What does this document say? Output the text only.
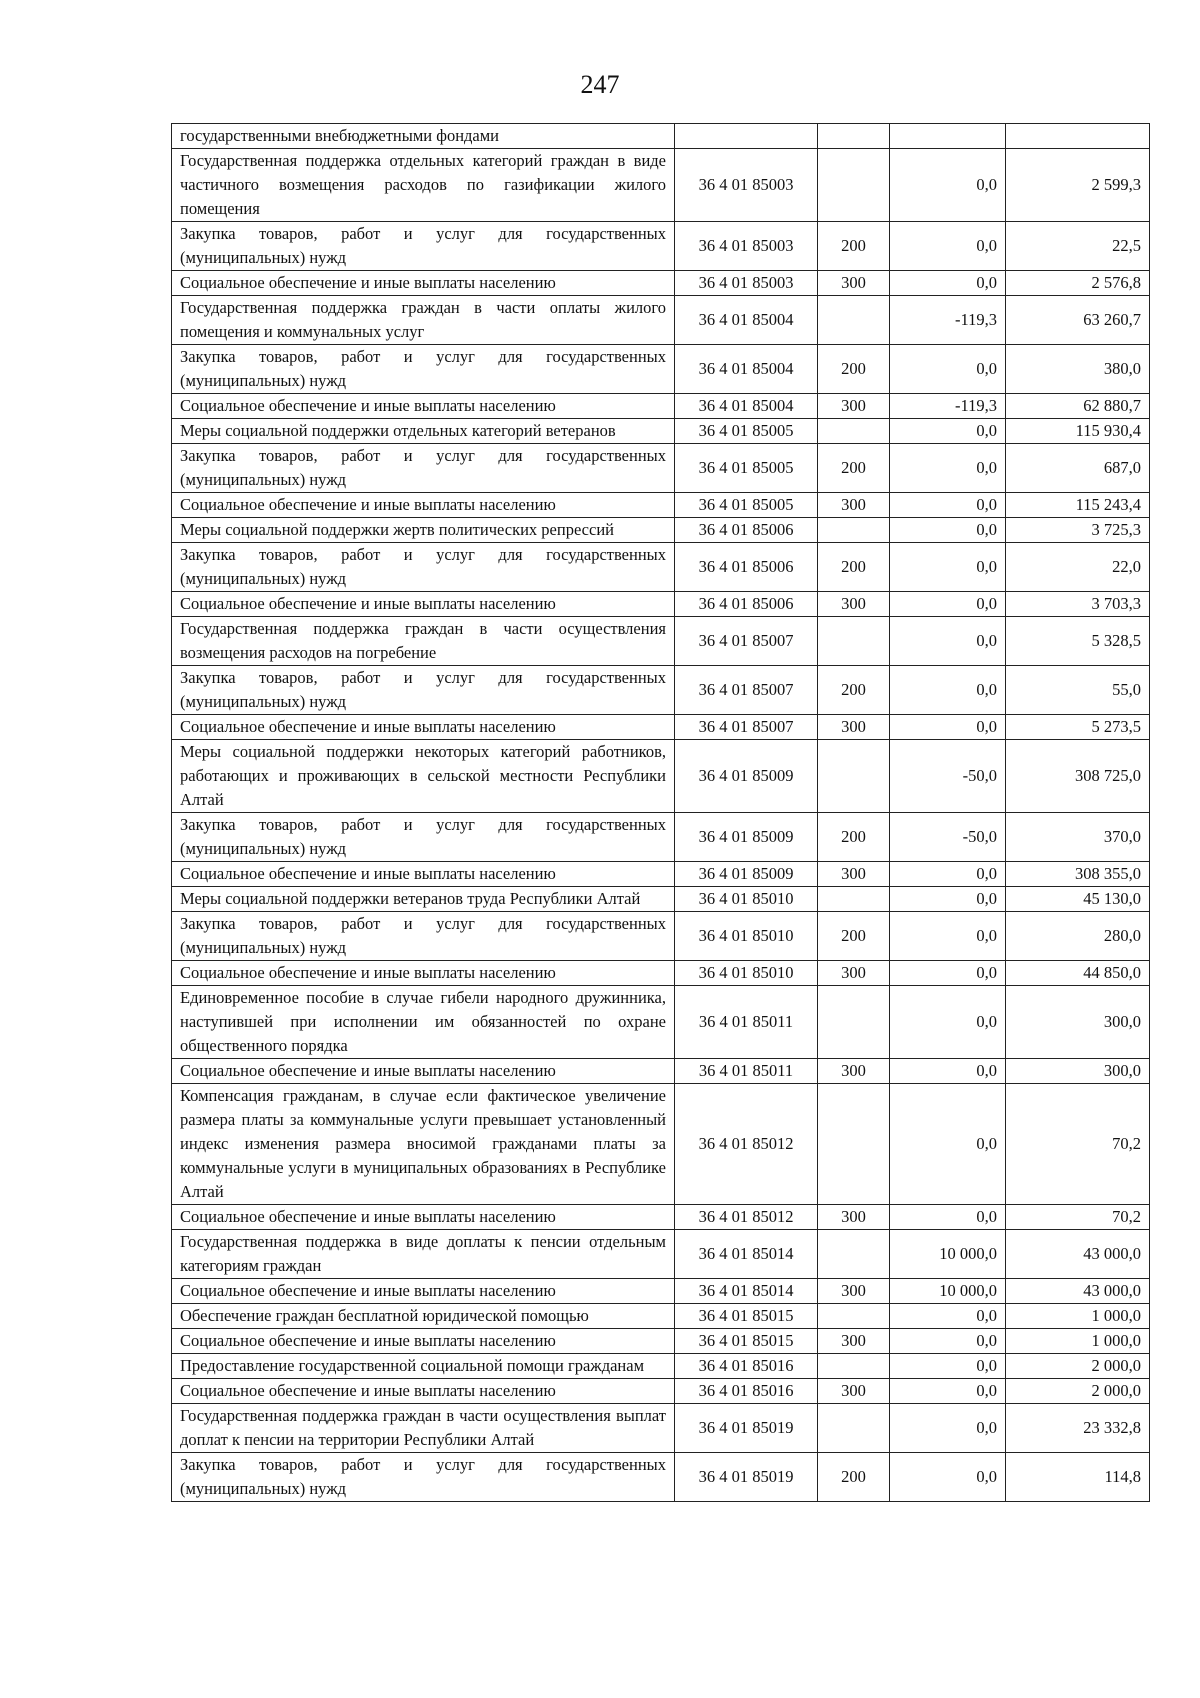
247
государственными внебюджетными фондами				
Государственная поддержка отдельных категорий граждан в виде частичного возмещения расходов по газификации жилого помещения	36 4 01 85003		0,0	2 599,3
Закупка товаров, работ и услуг для государственных (муниципальных) нужд	36 4 01 85003	200	0,0	22,5
Социальное обеспечение и иные выплаты населению	36 4 01 85003	300	0,0	2 576,8
Государственная поддержка граждан в части оплаты жилого помещения и коммунальных услуг	36 4 01 85004		-119,3	63 260,7
Закупка товаров, работ и услуг для государственных (муниципальных) нужд	36 4 01 85004	200	0,0	380,0
Социальное обеспечение и иные выплаты населению	36 4 01 85004	300	-119,3	62 880,7
Меры социальной поддержки отдельных категорий ветеранов	36 4 01 85005		0,0	115 930,4
Закупка товаров, работ и услуг для государственных (муниципальных) нужд	36 4 01 85005	200	0,0	687,0
Социальное обеспечение и иные выплаты населению	36 4 01 85005	300	0,0	115 243,4
Меры социальной поддержки жертв политических репрессий	36 4 01 85006		0,0	3 725,3
Закупка товаров, работ и услуг для государственных (муниципальных) нужд	36 4 01 85006	200	0,0	22,0
Социальное обеспечение и иные выплаты населению	36 4 01 85006	300	0,0	3 703,3
Государственная поддержка граждан в части осуществления возмещения расходов на погребение	36 4 01 85007		0,0	5 328,5
Закупка товаров, работ и услуг для государственных (муниципальных) нужд	36 4 01 85007	200	0,0	55,0
Социальное обеспечение и иные выплаты населению	36 4 01 85007	300	0,0	5 273,5
Меры социальной поддержки некоторых категорий работников, работающих и проживающих в сельской местности Республики Алтай	36 4 01 85009		-50,0	308 725,0
Закупка товаров, работ и услуг для государственных (муниципальных) нужд	36 4 01 85009	200	-50,0	370,0
Социальное обеспечение и иные выплаты населению	36 4 01 85009	300	0,0	308 355,0
Меры социальной поддержки ветеранов труда Республики Алтай	36 4 01 85010		0,0	45 130,0
Закупка товаров, работ и услуг для государственных (муниципальных) нужд	36 4 01 85010	200	0,0	280,0
Социальное обеспечение и иные выплаты населению	36 4 01 85010	300	0,0	44 850,0
Единовременное пособие в случае гибели народного дружинника, наступившей при исполнении им обязанностей по охране общественного порядка	36 4 01 85011		0,0	300,0
Социальное обеспечение и иные выплаты населению	36 4 01 85011	300	0,0	300,0
Компенсация гражданам, в случае если фактическое увеличение размера платы за коммунальные услуги превышает установленный индекс изменения размера вносимой гражданами платы за коммунальные услуги в муниципальных образованиях в Республике Алтай	36 4 01 85012		0,0	70,2
Социальное обеспечение и иные выплаты населению	36 4 01 85012	300	0,0	70,2
Государственная поддержка в виде доплаты к пенсии отдельным категориям граждан	36 4 01 85014		10 000,0	43 000,0
Социальное обеспечение и иные выплаты населению	36 4 01 85014	300	10 000,0	43 000,0
Обеспечение граждан бесплатной юридической помощью	36 4 01 85015		0,0	1 000,0
Социальное обеспечение и иные выплаты населению	36 4 01 85015	300	0,0	1 000,0
Предоставление государственной социальной помощи гражданам	36 4 01 85016		0,0	2 000,0
Социальное обеспечение и иные выплаты населению	36 4 01 85016	300	0,0	2 000,0
Государственная поддержка граждан в части осуществления выплат доплат к пенсии на территории Республики Алтай	36 4 01 85019		0,0	23 332,8
Закупка товаров, работ и услуг для государственных (муниципальных) нужд	36 4 01 85019	200	0,0	114,8
